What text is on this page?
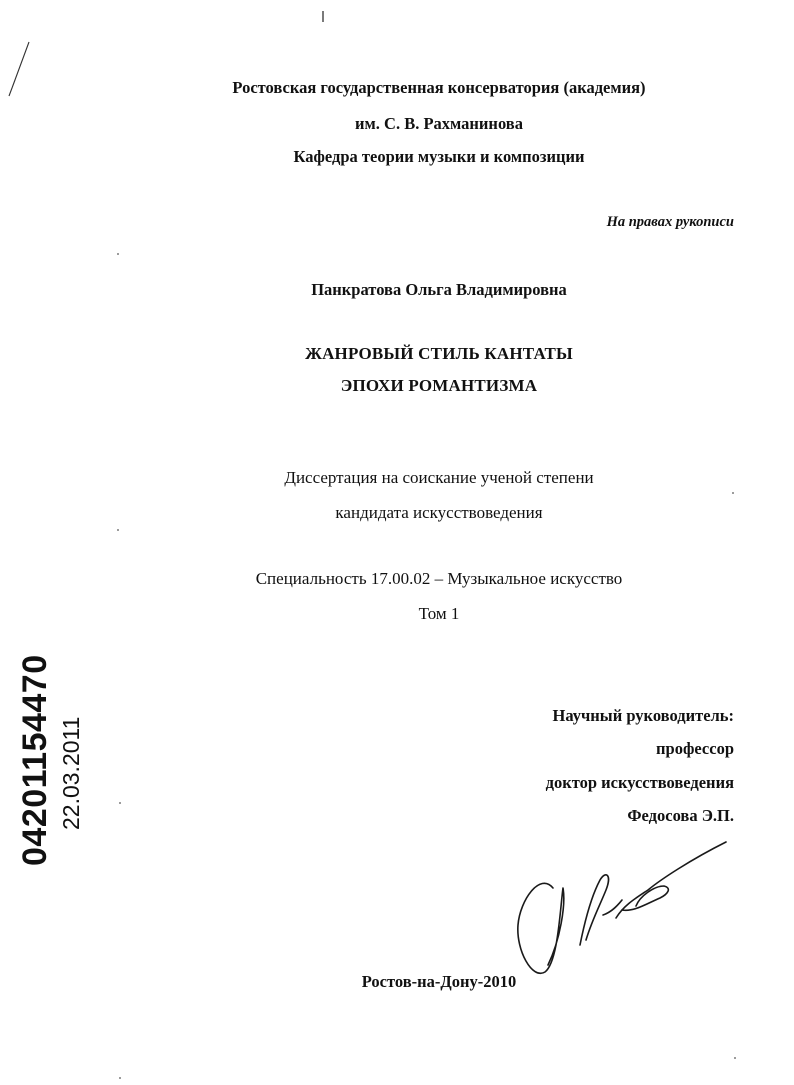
Ростовская государственная консерватория (академия)
им. С. В. Рахманинова
Кафедра теории музыки и композиции
На правах рукописи
Панкратова Ольга Владимировна
ЖАНРОВЫЙ СТИЛЬ КАНТАТЫ
ЭПОХИ РОМАНТИЗМА
Диссертация на соискание ученой степени
кандидата искусствоведения
Специальность 17.00.02 – Музыкальное искусство
Том 1
Научный руководитель:
профессор
доктор искусствоведения
Федосова Э.П.
Ростов-на-Дону-2010
04201154470 22.03.2011
